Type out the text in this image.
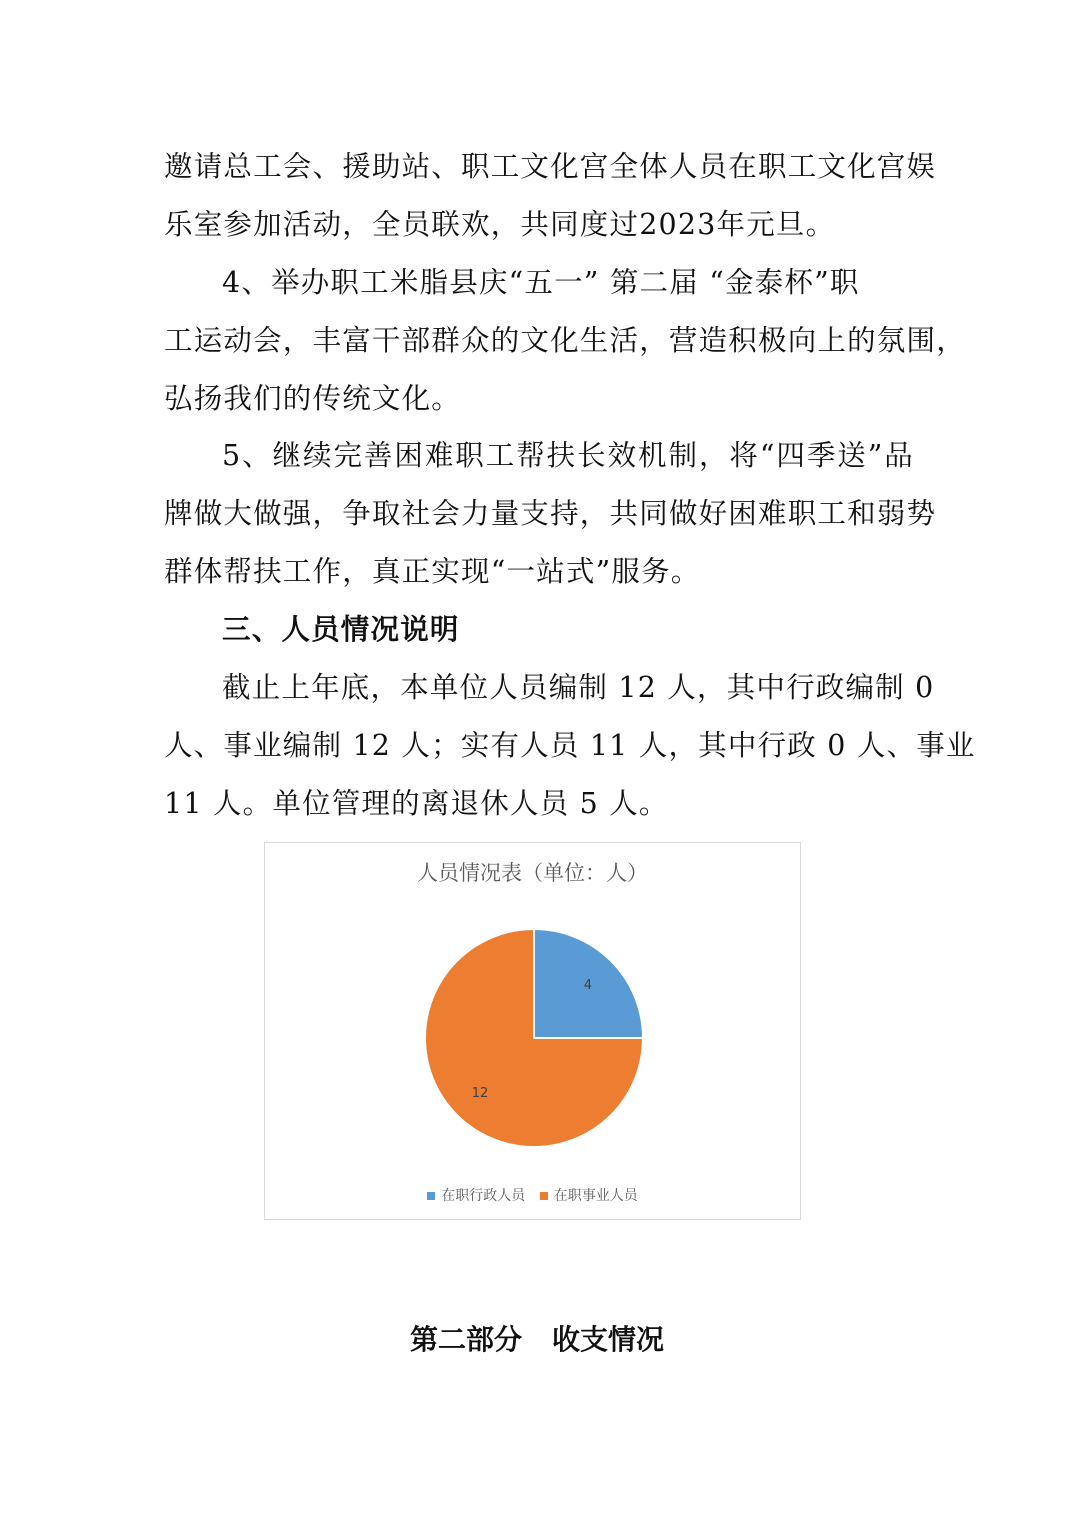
邀请总工会、援助站、职工文化宫全体人员在职工文化宫娱
乐室参加活动，全员联欢，共同度过2023年元旦。
4、举办职工米脂县庆“五一” 第二届 “金泰杯”职
工运动会，丰富干部群众的文化生活，营造积极向上的氛围，
弘扬我们的传统文化。
5、继续完善困难职工帮扶长效机制，将“四季送”品
牌做大做强，争取社会力量支持，共同做好困难职工和弱势
群体帮扶工作，真正实现“一站式”服务。
三、人员情况说明
截止上年底，本单位人员编制 12 人，其中行政编制 0
人、事业编制 12 人；实有人员 11 人，其中行政 0 人、事业
11 人。单位管理的离退休人员 5 人。
人员情况表（单位：人）
4
12
在职行政人员 在职事业人员
第二部分 收支情况
